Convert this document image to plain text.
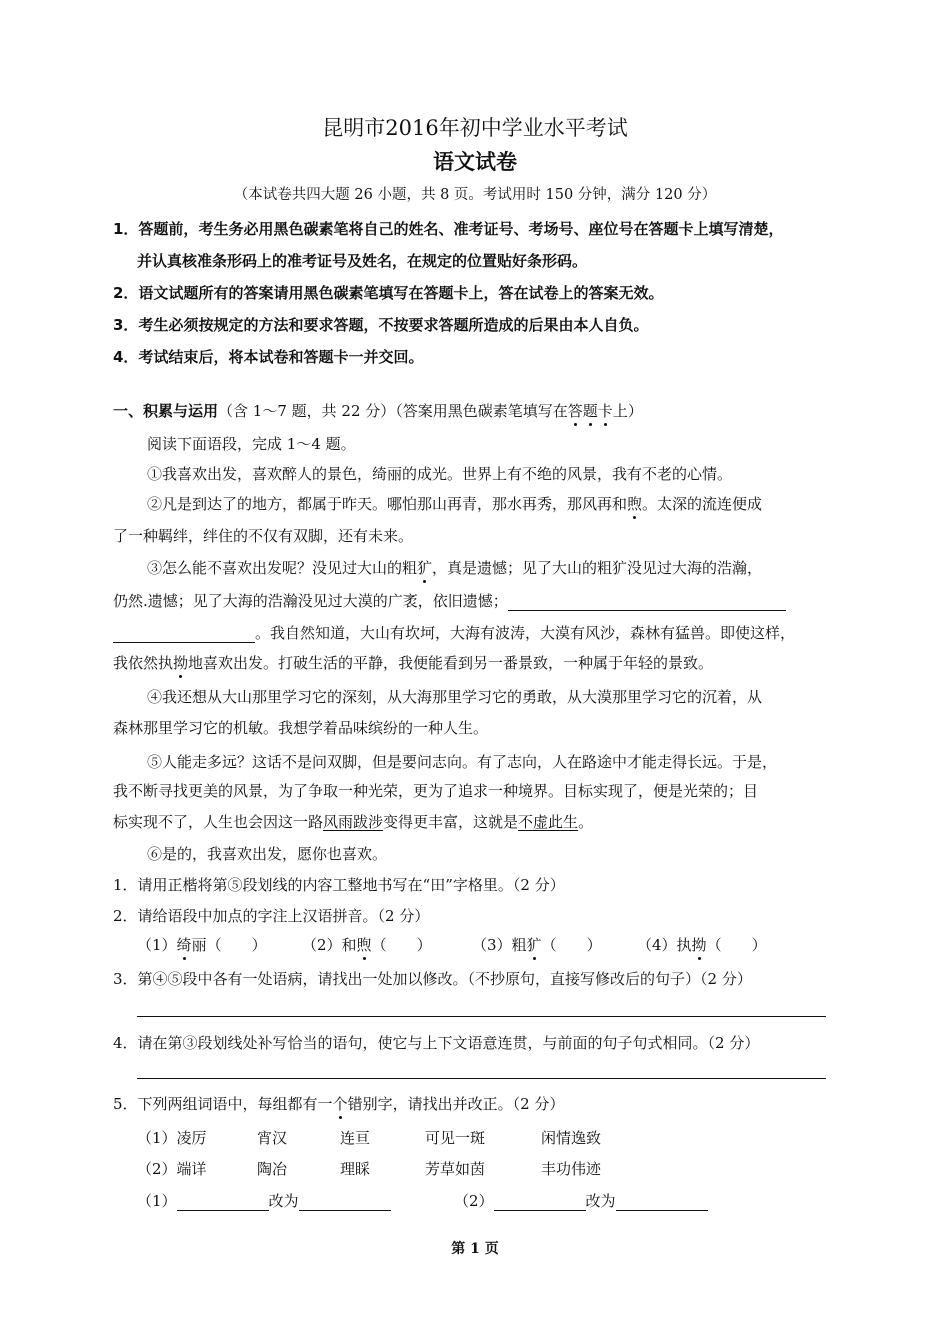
昆明市2016年初中学业水平考试
语文试卷
（本试卷共四大题 26 小题，共 8 页。考试用时 150 分钟，满分 120 分）
1．答题前，考生务必用黑色碳素笔将自己的姓名、准考证号、考场号、座位号在答题卡上填写清楚，
并认真核准条形码上的准考证号及姓名，在规定的位置贴好条形码。
2．语文试题所有的答案请用黑色碳素笔填写在答题卡上，答在试卷上的答案无效。
3．考生必须按规定的方法和要求答题，不按要求答题所造成的后果由本人自负。
4．考试结束后，将本试卷和答题卡一并交回。
一、积累与运用（含 1～7 题，共 22 分）（答案用黑色碳素笔填写在答题卡上）
阅读下面语段，完成 1～4 题。
①我喜欢出发，喜欢醉人的景色，绮丽的成光。世界上有不绝的风景，我有不老的心情。
②凡是到达了的地方，都属于昨天。哪怕那山再青，那水再秀，那风再和煦。太深的流连便成
了一种羁绊，绊住的不仅有双脚，还有未来。
③怎么能不喜欢出发呢？没见过大山的粗犷，真是遗憾；见了大山的粗犷没见过大海的浩瀚，
仍然.遗憾；见了大海的浩瀚没见过大漠的广袤，依旧遗憾；
。我自然知道，大山有坎坷，大海有波涛，大漠有风沙，森林有猛兽。即使这样，
我依然执拗地喜欢出发。打破生活的平静，我便能看到另一番景致，一种属于年轻的景致。
④我还想从大山那里学习它的深刻，从大海那里学习它的勇敢，从大漠那里学习它的沉着，从
森林那里学习它的机敏。我想学着品味缤纷的一种人生。
⑤人能走多远？这话不是问双脚，但是要问志向。有了志向，人在路途中才能走得长远。于是，
我不断寻找更美的风景，为了争取一种光荣，更为了追求一种境界。目标实现了，便是光荣的；目
标实现不了，人生也会因这一路风雨跋涉变得更丰富，这就是不虚此生。
⑥是的，我喜欢出发，愿你也喜欢。
1．请用正楷将第⑤段划线的内容工整地书写在“田”字格里。（2 分）
2．请给语段中加点的字注上汉语拼音。（2 分）
（1）绮丽（　　） （2）和煦（　　）	（3）粗犷（　　） （4）执拗（　　）
3．第④⑤段中各有一处语病，请找出一处加以修改。（不抄原句，直接写修改后的句子）（2 分）
4．请在第③段划线处补写恰当的语句，使它与上下文语意连贯，与前面的句子句式相同。（2 分）
5．下列两组词语中，每组都有一个错别字，请找出并改正。（2 分）
（1）凌厉	宵汉	连亘	可见一斑	闲情逸致
（2）端详	陶冶	理睬	芳草如茵	丰功伟迹
（1）	改为	（2）	改为
第 1 页
